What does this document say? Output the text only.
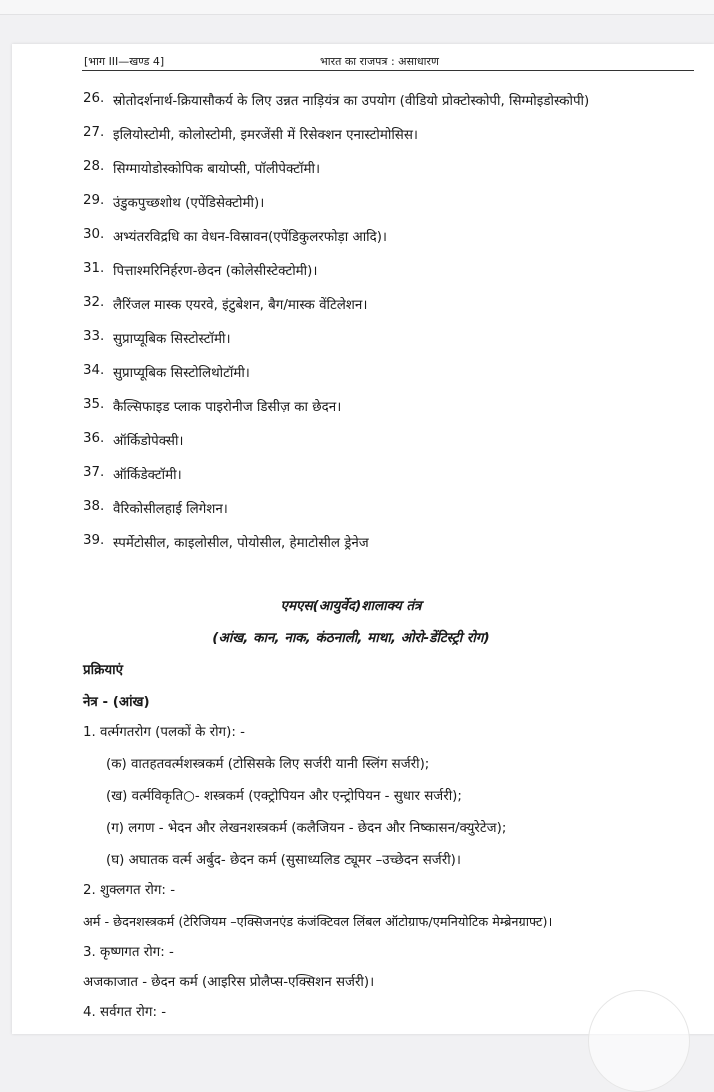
[भाग III—खण्ड 4]	भारत का राजपत्र : असाधारण
26. स्रोतोदर्शनार्थ-क्रियासौकर्य के लिए उन्नत नाड़ियंत्र का उपयोग (वीडियो प्रोक्टोस्कोपी, सिग्मोइडोस्कोपी)
27. इलियोस्टोमी, कोलोस्टोमी, इमरजेंसी में रिसेक्शन एनास्टोमोसिस।
28. सिग्मायोडोस्कोपिक बायोप्सी, पॉलीपेक्टॉमी।
29. उंडुकपुच्छशोथ (एपेंडिसेक्टोमी)।
30. अभ्यंतरविद्रधि का वेधन-विस्रावन(एपेंडिकुलरफोड़ा आदि)।
31. पित्ताश्मरिनिर्हरण-छेदन (कोलेसीस्टेक्टोमी)।
32. लैरिंजल मास्क एयरवे, इंटुबेशन, बैग/मास्क वेंटिलेशन।
33. सुप्राप्यूबिक सिस्टोस्टॉमी।
34. सुप्राप्यूबिक सिस्टोलिथोटॉमी।
35. कैल्सिफाइड प्लाक पाइरोनीज डिसीज़ का छेदन।
36. ऑर्किडोपेक्सी।
37. ऑर्किडेक्टॉमी।
38. वैरिकोसीलहाई लिगेशन।
39. स्पर्मेटोसील, काइलोसील, पोयोसील, हेमाटोसील ड्रेनेज
एमएस(आयुर्वेद)शालाक्य तंत्र
(आंख, कान, नाक, कंठनाली, माथा, ओरो-डेंटिस्ट्री रोग)
प्रक्रियाएं
नेत्र - (आंख)
1. वर्त्मगतरोग (पलकों के रोग): -
(क) वातहतवर्त्मशस्त्रकर्म (टोसिसके लिए सर्जरी यानी स्लिंग सर्जरी);
(ख) वर्त्मविकृति○- शस्त्रकर्म (एक्ट्रोपियन और एन्ट्रोपियन - सुधार सर्जरी);
(ग) लगण - भेदन और लेखनशस्त्रकर्म (कलैजियन - छेदन और निष्कासन/क्युरेटेज);
(घ) अघातक वर्त्म अर्बुद- छेदन कर्म (सुसाध्यलिड ट्यूमर –उच्छेदन सर्जरी)।
2. शुक्लगत रोग: -
अर्म - छेदनशस्त्रकर्म (टेरिजियम –एक्सिजनएंड कंजंक्टिवल लिंबल ऑटोग्राफ/एमनियोटिक मेम्ब्रेनग्राफ्ट)।
3. कृष्णगत रोग: -
अजकाजात - छेदन कर्म (आइरिस प्रोलैप्स-एक्सिशन सर्जरी)।
4. सर्वगत रोग: -
